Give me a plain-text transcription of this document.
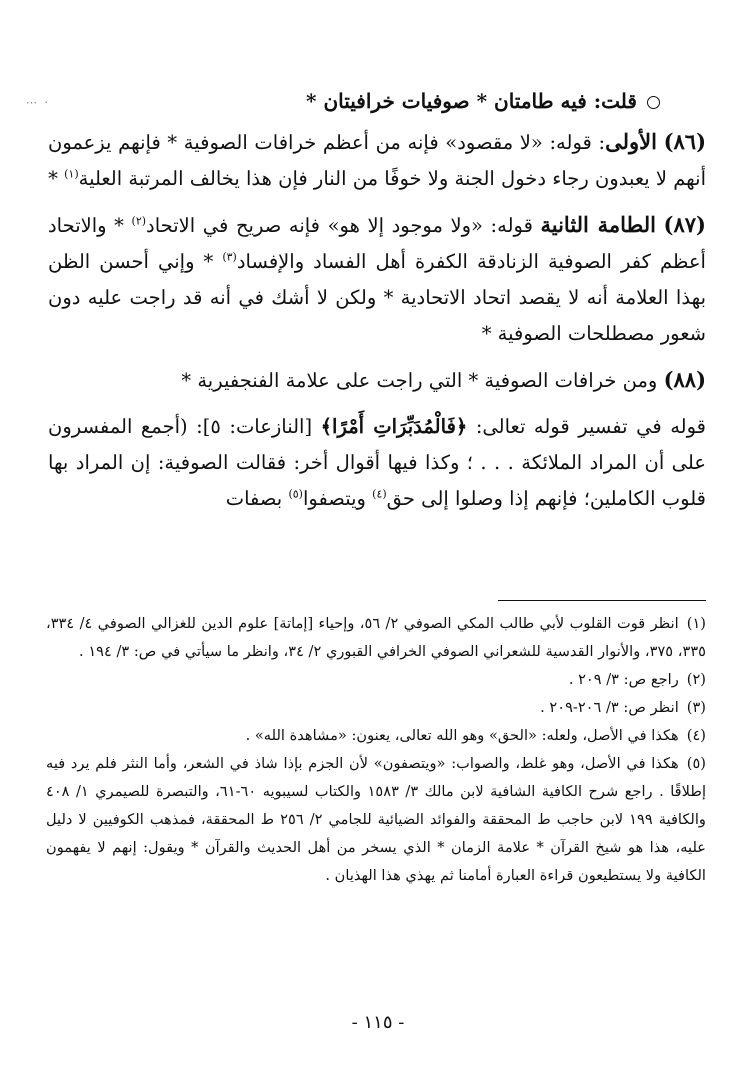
⋯ ·	قلت: فيه طامتان * صوفيات خرافيتان *

(٨٦) الأولى: قوله: «لا مقصود» فإنه من أعظم خرافات الصوفية * فإنهم يزعمون أنهم لا يعبدون رجاء دخول الجنة ولا خوفًا من النار فإن هذا يخالف المرتبة العلية$^{(١)}$ *

(٨٧) الطامة الثانية قوله: «ولا موجود إلا هو» فإنه صريح في الاتحاد$^{(٢)}$ * والاتحاد أعظم كفر الصوفية الزنادقة الكفرة أهل الفساد والإفساد$^{(٣)}$ * وإني أحسن الظن بهذا العلامة أنه لا يقصد اتحاد الاتحادية * ولكن لا أشك في أنه قد راجت عليه دون شعور مصطلحات الصوفية *

(٨٨) ومن خرافات الصوفية * التي راجت على علامة الفنجفيرية *

قوله في تفسير قوله تعالى: ﴿فَالْمُدَبِّرَاتِ أَمْرًا﴾ [النازعات: ٥]: (أجمع المفسرون على أن المراد الملائكة . . . ؛ وكذا فيها أقوال أخر: فقالت الصوفية: إن المراد بها قلوب الكاملين؛ فإنهم إذا وصلوا إلى حق$^{(٤)}$ ويتصفوا$^{(٥)}$ بصفات

(١)انظر قوت القلوب لأبي طالب المكي الصوفي ٢/ ٥٦، وإحياء [إماتة] علوم الدين للغزالي الصوفي ٤/ ٣٣٤، ٣٣٥، ٣٧٥، والأنوار القدسية للشعراني الصوفي الخرافي القبوري ٢/ ٣٤، وانظر ما سيأتي في ص: ٣/ ١٩٤ .

(٢)راجع ص: ٣/ ٢٠٩ .

(٣)انظر ص: ٣/ ٢٠٦-٢٠٩ .

(٤)هكذا في الأصل، ولعله: «الحق» وهو الله تعالى، يعنون: «مشاهدة الله» .

(٥)هكذا في الأصل، وهو غلط، والصواب: «ويتصفون» لأن الجزم بإذا شاذ في الشعر، وأما النثر فلم يرد فيه إطلاقًا . راجع شرح الكافية الشافية لابن مالك ٣/ ١٥٨٣ والكتاب لسيبويه ٦٠-٦١، والتبصرة للصيمري ١/ ٤٠٨ والكافية ١٩٩ لابن حاجب ط المحققة والفوائد الضيائية للجامي ٢/ ٢٥٦ ط المحققة، فمذهب الكوفيين لا دليل عليه، هذا هو شيخ القرآن * علامة الزمان * الذي يسخر من أهل الحديث والقرآن * ويقول: إنهم لا يفهمون الكافية ولا يستطيعون قراءة العبارة أمامنا ثم يهذي هذا الهذيان .

- ١١٥ -
